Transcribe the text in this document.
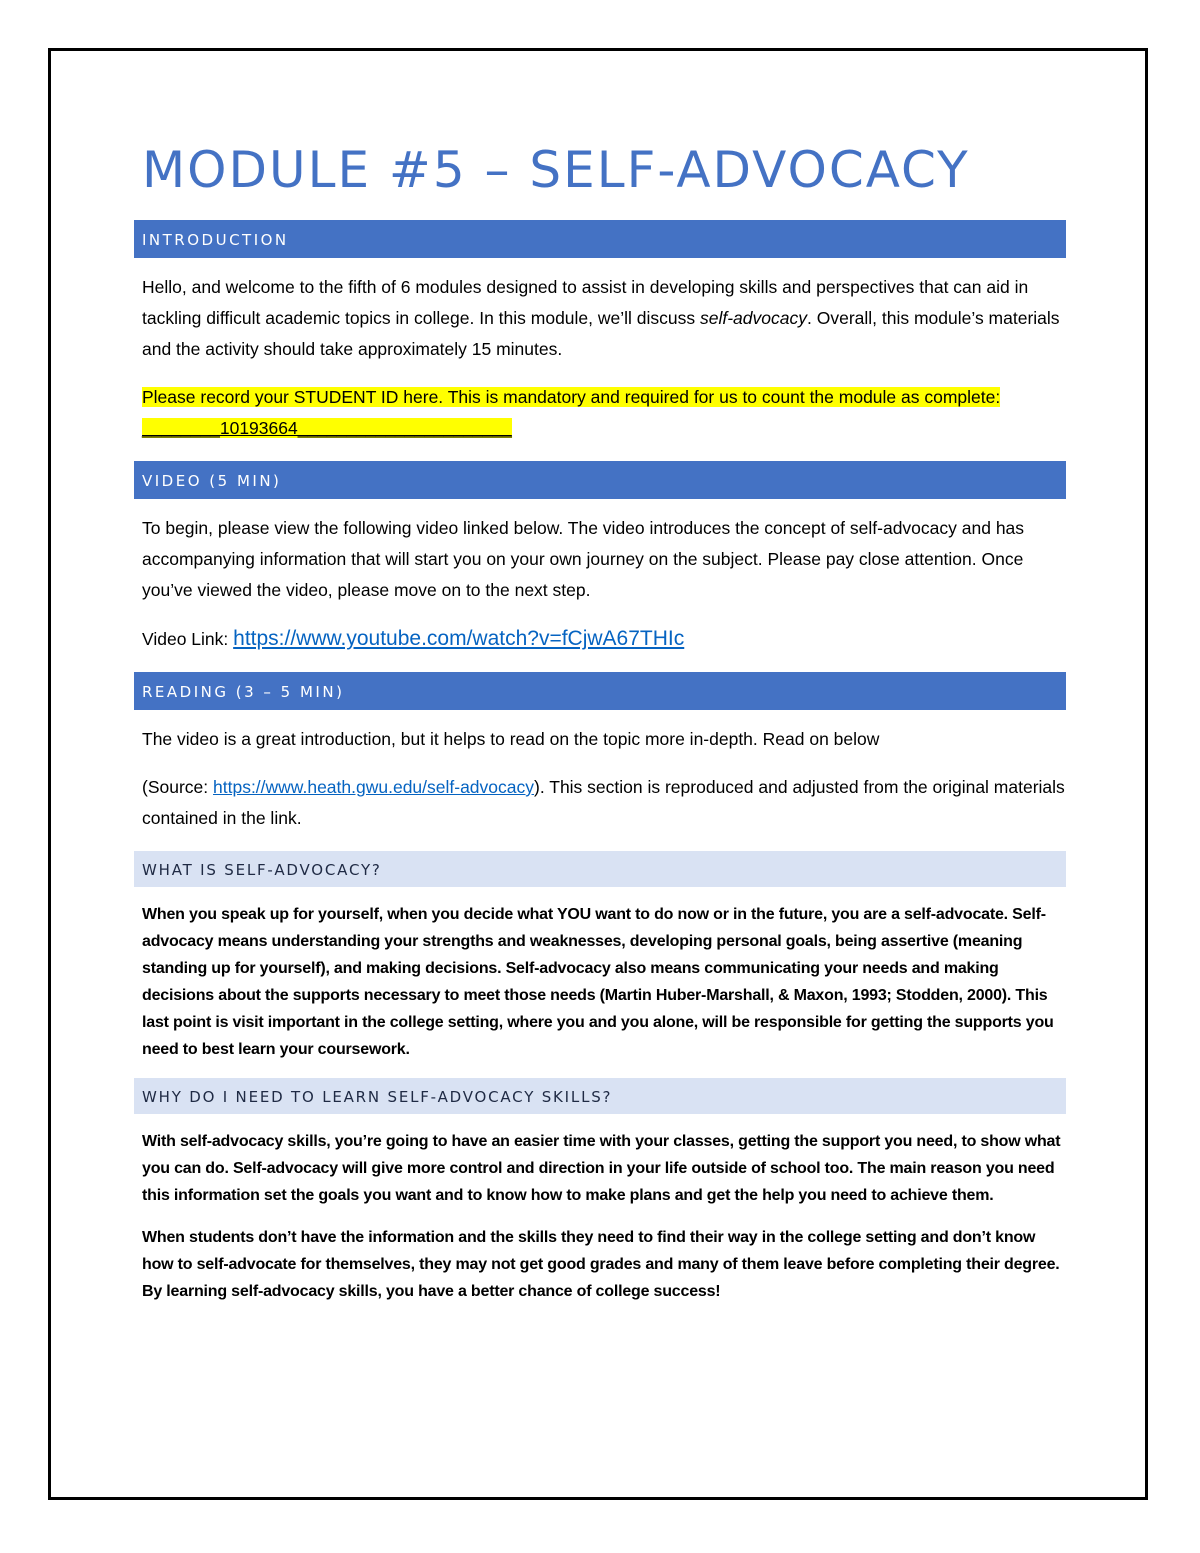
MODULE #5 – SELF-ADVOCACY
INTRODUCTION

Hello, and welcome to the fifth of 6 modules designed to assist in developing skills and perspectives that can aid in tackling difficult academic topics in college. In this module, we’ll discuss self-advocacy. Overall, this module’s materials and the activity should take approximately 15 minutes.

Please record your STUDENT ID here. This is mandatory and required for us to count the module as complete: ________10193664______________________

VIDEO (5 MIN)

To begin, please view the following video linked below. The video introduces the concept of self-advocacy and has accompanying information that will start you on your own journey on the subject. Please pay close attention. Once you’ve viewed the video, please move on to the next step.

Video Link: https://www.youtube.com/watch?v=fCjwA67THIc

READING (3 – 5 MIN)

The video is a great introduction, but it helps to read on the topic more in-depth. Read on below

(Source: https://www.heath.gwu.edu/self-advocacy). This section is reproduced and adjusted from the original materials contained in the link.

WHAT IS SELF-ADVOCACY?

When you speak up for yourself, when you decide what YOU want to do now or in the future, you are a self-advocate. Self-advocacy means understanding your strengths and weaknesses, developing personal goals, being assertive (meaning standing up for yourself), and making decisions. Self-advocacy also means communicating your needs and making decisions about the supports necessary to meet those needs (Martin Huber-Marshall, & Maxon, 1993; Stodden, 2000). This last point is visit important in the college setting, where you and you alone, will be responsible for getting the supports you need to best learn your coursework.

WHY DO I NEED TO LEARN SELF-ADVOCACY SKILLS?

With self-advocacy skills, you’re going to have an easier time with your classes, getting the support you need, to show what you can do. Self-advocacy will give more control and direction in your life outside of school too. The main reason you need this information set the goals you want and to know how to make plans and get the help you need to achieve them.

When students don’t have the information and the skills they need to find their way in the college setting and don’t know how to self-advocate for themselves, they may not get good grades and many of them leave before completing their degree. By learning self-advocacy skills, you have a better chance of college success!
